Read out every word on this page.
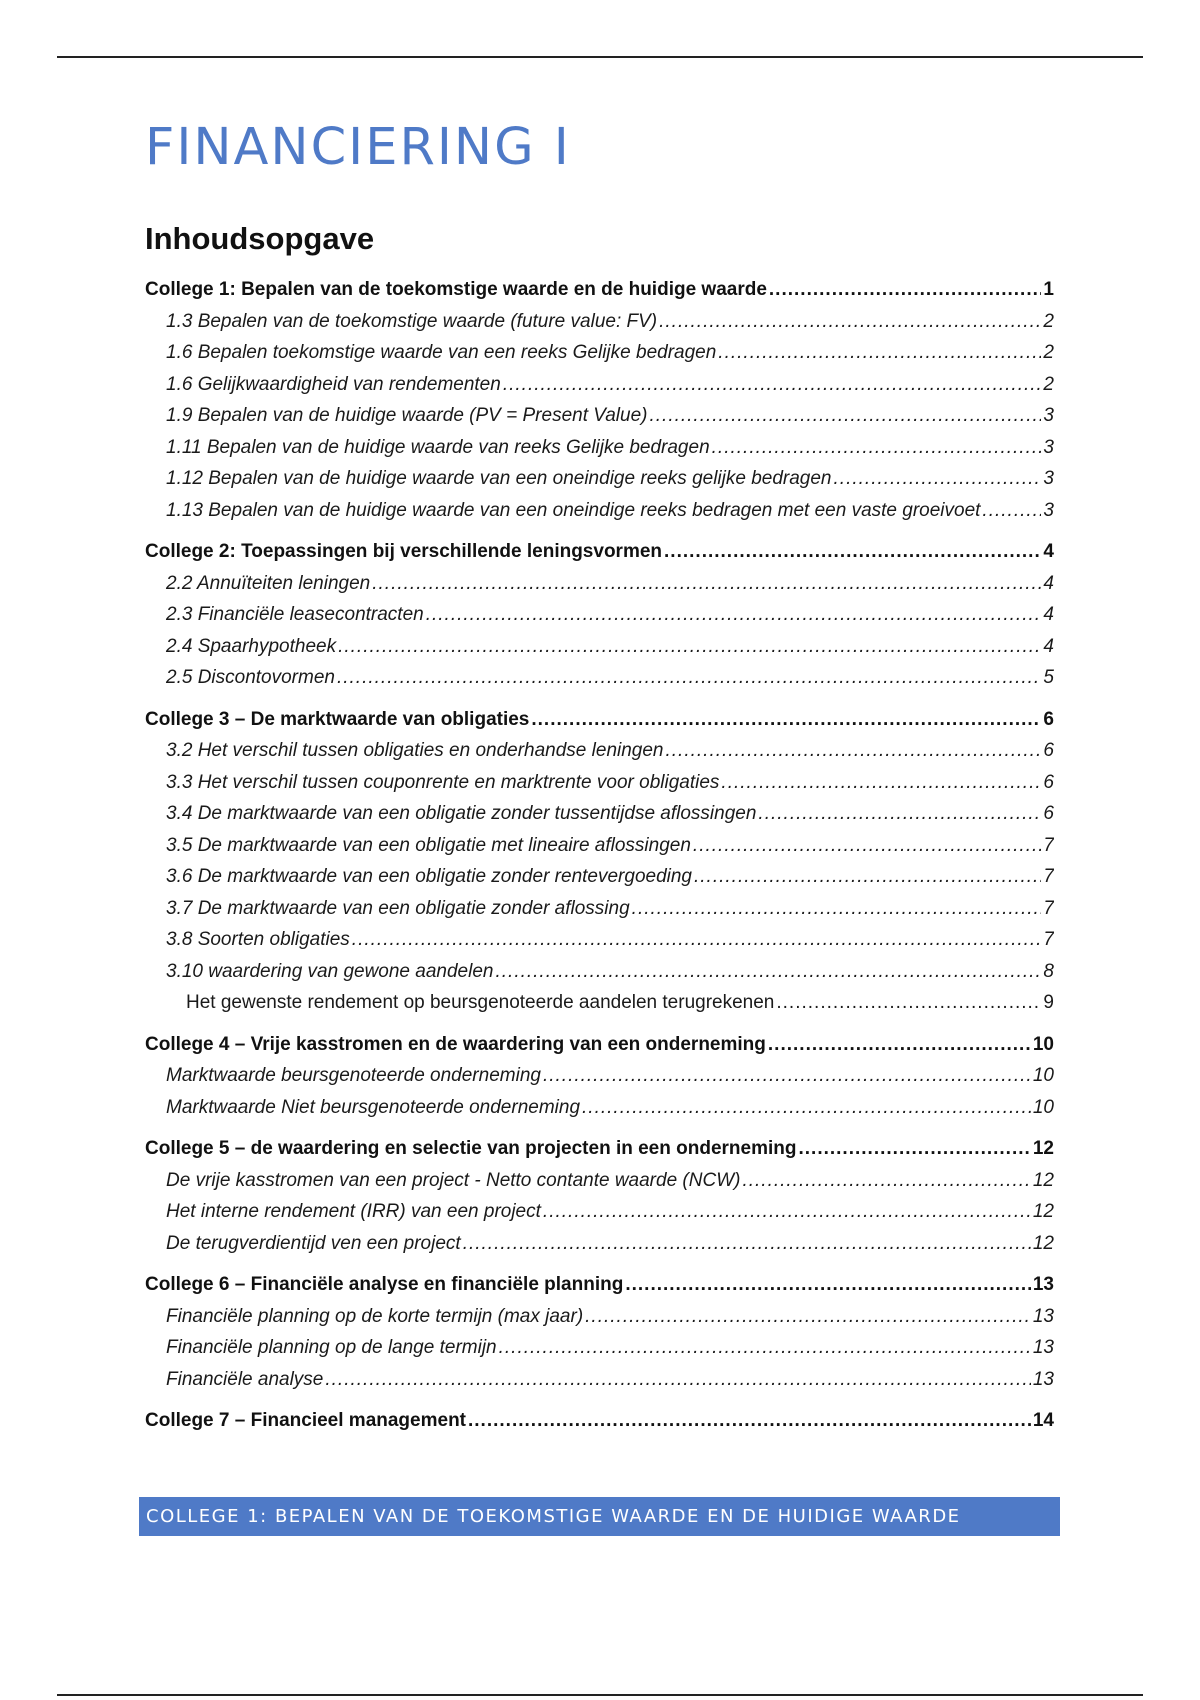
FINANCIERING I
Inhoudsopgave
College 1: Bepalen van de toekomstige waarde en de huidige waarde .....	1
1.3 Bepalen van de toekomstige waarde (future value: FV) .....	2
1.6 Bepalen toekomstige waarde van een reeks Gelijke bedragen .....	2
1.6 Gelijkwaardigheid van rendementen .....	2
1.9 Bepalen van de huidige waarde (PV = Present Value) .....	3
1.11 Bepalen van de huidige waarde van reeks Gelijke bedragen .....	3
1.12 Bepalen van de huidige waarde van een oneindige reeks gelijke bedragen .....	3
1.13 Bepalen van de huidige waarde van een oneindige reeks bedragen met een vaste groeivoet .....	3
College 2: Toepassingen bij verschillende leningsvormen .....	4
2.2 Annuïteiten leningen .....	4
2.3 Financiële leasecontracten .....	4
2.4 Spaarhypotheek .....	4
2.5 Discontovormen .....	5
College 3 – De marktwaarde van obligaties .....	6
3.2 Het verschil tussen obligaties en onderhandse leningen .....	6
3.3 Het verschil tussen couponrente en marktrente voor obligaties .....	6
3.4 De marktwaarde van een obligatie zonder tussentijdse aflossingen .....	6
3.5 De marktwaarde van een obligatie met lineaire aflossingen .....	7
3.6 De marktwaarde van een obligatie zonder rentevergoeding .....	7
3.7 De marktwaarde van een obligatie zonder aflossing .....	7
3.8 Soorten obligaties .....	7
3.10 waardering van gewone aandelen .....	8
Het gewenste rendement op beursgenoteerde aandelen terugrekenen .....	9
College 4 – Vrije kasstromen en de waardering van een onderneming .....	10
Marktwaarde beursgenoteerde onderneming .....	10
Marktwaarde Niet beursgenoteerde onderneming .....	10
College 5 – de waardering en selectie van projecten in een onderneming .....	12
De vrije kasstromen van een project - Netto contante waarde (NCW) .....	12
Het interne rendement (IRR) van een project .....	12
De terugverdientijd ven een project .....	12
College 6 – Financiële analyse en financiële planning .....	13
Financiële planning op de korte termijn (max jaar) .....	13
Financiële planning op de lange termijn .....	13
Financiële analyse .....	13
College 7 – Financieel management .....	14
COLLEGE 1: BEPALEN VAN DE TOEKOMSTIGE WAARDE EN DE HUIDIGE WAARDE
